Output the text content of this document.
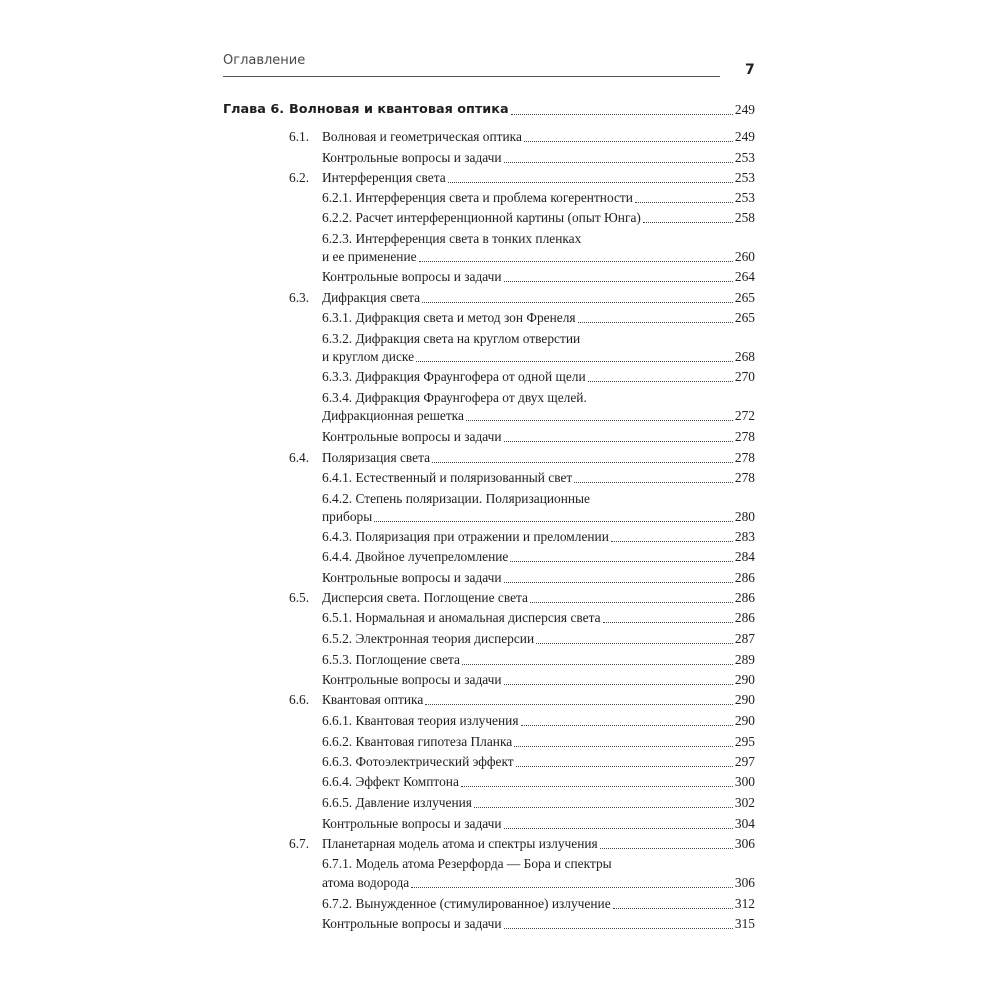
Оглавление
7
Глава 6. Волновая и квантовая оптика	249
6.1. Волновая и геометрическая оптика	249
Контрольные вопросы и задачи	253
6.2. Интерференция света	253
6.2.1. Интерференция света и проблема когерентности	253
6.2.2. Расчет интерференционной картины (опыт Юнга)	258
6.2.3. Интерференция света в тонких пленках
и ее применение	260
Контрольные вопросы и задачи	264
6.3. Дифракция света	265
6.3.1. Дифракция света и метод зон Френеля	265
6.3.2. Дифракция света на круглом отверстии
и круглом диске	268
6.3.3. Дифракция Фраунгофера от одной щели	270
6.3.4. Дифракция Фраунгофера от двух щелей.
Дифракционная решетка	272
Контрольные вопросы и задачи	278
6.4. Поляризация света	278
6.4.1. Естественный и поляризованный свет	278
6.4.2. Степень поляризации. Поляризационные
приборы	280
6.4.3. Поляризация при отражении и преломлении	283
6.4.4. Двойное лучепреломление	284
Контрольные вопросы и задачи	286
6.5. Дисперсия света. Поглощение света	286
6.5.1. Нормальная и аномальная дисперсия света	286
6.5.2. Электронная теория дисперсии	287
6.5.3. Поглощение света	289
Контрольные вопросы и задачи	290
6.6. Квантовая оптика	290
6.6.1. Квантовая теория излучения	290
6.6.2. Квантовая гипотеза Планка	295
6.6.3. Фотоэлектрический эффект	297
6.6.4. Эффект Комптона	300
6.6.5. Давление излучения	302
Контрольные вопросы и задачи	304
6.7. Планетарная модель атома и спектры излучения	306
6.7.1. Модель атома Резерфорда — Бора и спектры
атома водорода	306
6.7.2. Вынужденное (стимулированное) излучение	312
Контрольные вопросы и задачи	315
